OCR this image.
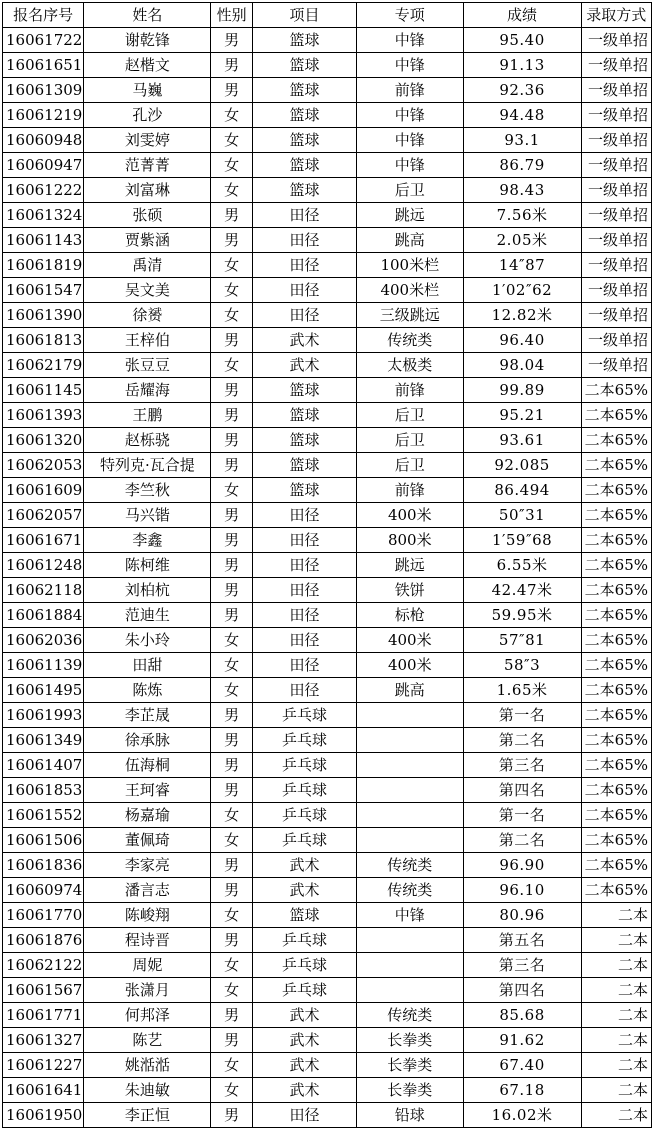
报名序号	姓名	性别	项目	专项	成绩	录取方式
16061722	谢乾锋	男	篮球	中锋	95.40	一级单招
16061651	赵楷文	男	篮球	中锋	91.13	一级单招
16061309	马巍	男	篮球	前锋	92.36	一级单招
16061219	孔沙	女	篮球	中锋	94.48	一级单招
16060948	刘雯婷	女	篮球	中锋	93.1	一级单招
16060947	范菁菁	女	篮球	中锋	86.79	一级单招
16061222	刘富琳	女	篮球	后卫	98.43	一级单招
16061324	张硕	男	田径	跳远	7.56米	一级单招
16061143	贾紫涵	男	田径	跳高	2.05米	一级单招
16061819	禹清	女	田径	100米栏	14″87	一级单招
16061547	吴文美	女	田径	400米栏	1′02″62	一级单招
16061390	徐赟	女	田径	三级跳远	12.82米	一级单招
16061813	王梓伯	男	武术	传统类	96.40	一级单招
16062179	张豆豆	女	武术	太极类	98.04	一级单招
16061145	岳耀海	男	篮球	前锋	99.89	二本65%
16061393	王鹏	男	篮球	后卫	95.21	二本65%
16061320	赵栎骁	男	篮球	后卫	93.61	二本65%
16062053	特列克·瓦合提	男	篮球	后卫	92.085	二本65%
16061609	李竺秋	女	篮球	前锋	86.494	二本65%
16062057	马兴锴	男	田径	400米	50″31	二本65%
16061671	李鑫	男	田径	800米	1′59″68	二本65%
16061248	陈柯维	男	田径	跳远	6.55米	二本65%
16062118	刘柏杭	男	田径	铁饼	42.47米	二本65%
16061884	范迪生	男	田径	标枪	59.95米	二本65%
16062036	朱小玲	女	田径	400米	57″81	二本65%
16061139	田甜	女	田径	400米	58″3	二本65%
16061495	陈炼	女	田径	跳高	1.65米	二本65%
16061993	李芷晟	男	乒乓球		第一名	二本65%
16061349	徐承脉	男	乒乓球		第二名	二本65%
16061407	伍海桐	男	乒乓球		第三名	二本65%
16061853	王珂睿	男	乒乓球		第四名	二本65%
16061552	杨嘉瑜	女	乒乓球		第一名	二本65%
16061506	董佩琦	女	乒乓球		第二名	二本65%
16061836	李家亮	男	武术	传统类	96.90	二本65%
16060974	潘言志	男	武术	传统类	96.10	二本65%
16061770	陈峻翔	女	篮球	中锋	80.96	二本
16061876	程诗晋	男	乒乓球		第五名	二本
16062122	周妮	女	乒乓球		第三名	二本
16061567	张潇月	女	乒乓球		第四名	二本
16061771	何邦泽	男	武术	传统类	85.68	二本
16061327	陈艺	男	武术	长拳类	91.62	二本
16061227	姚湉湉	女	武术	长拳类	67.40	二本
16061641	朱迪敏	女	武术	长拳类	67.18	二本
16061950	李正恒	男	田径	铅球	16.02米	二本
